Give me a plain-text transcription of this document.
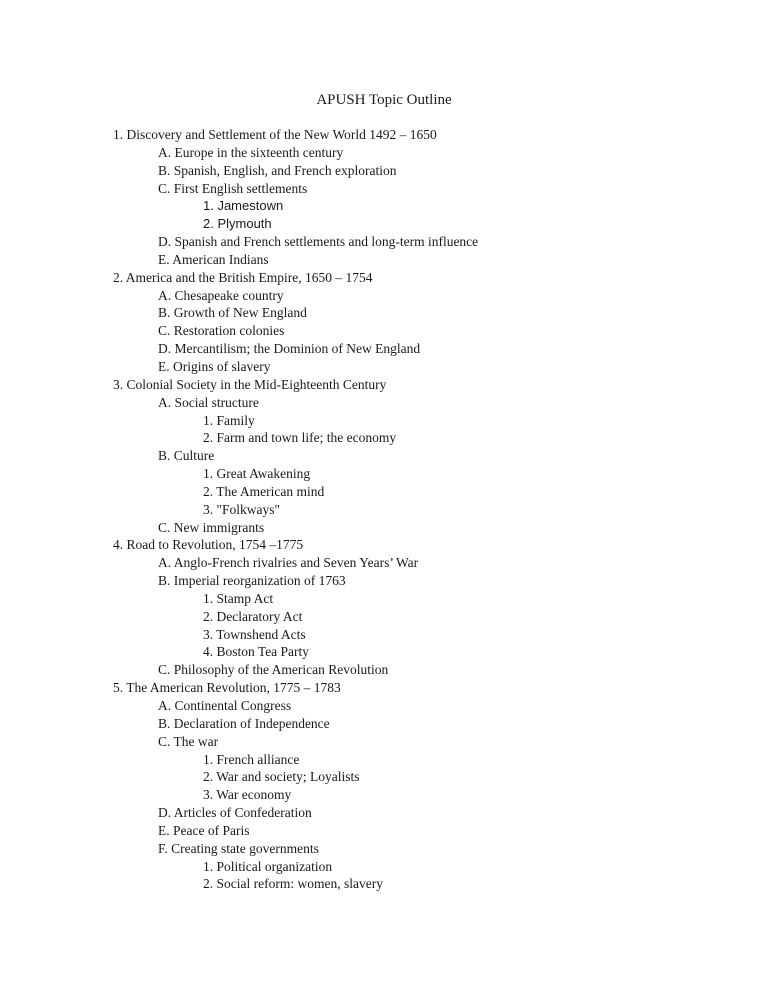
APUSH Topic Outline
1. Discovery and Settlement of the New World 1492 – 1650
A. Europe in the sixteenth century
B. Spanish, English, and French exploration
C. First English settlements
1. Jamestown
2. Plymouth
D. Spanish and French settlements and long-term influence
E. American Indians
2. America and the British Empire, 1650 – 1754
A. Chesapeake country
B. Growth of New England
C. Restoration colonies
D. Mercantilism; the Dominion of New England
E. Origins of slavery
3. Colonial Society in the Mid-Eighteenth Century
A. Social structure
1. Family
2. Farm and town life; the economy
B. Culture
1. Great Awakening
2. The American mind
3. "Folkways"
C. New immigrants
4. Road to Revolution, 1754 –1775
A. Anglo-French rivalries and Seven Years’ War
B. Imperial reorganization of 1763
1. Stamp Act
2. Declaratory Act
3. Townshend Acts
4. Boston Tea Party
C. Philosophy of the American Revolution
5. The American Revolution, 1775 – 1783
A. Continental Congress
B. Declaration of Independence
C. The war
1. French alliance
2. War and society; Loyalists
3. War economy
D. Articles of Confederation
E. Peace of Paris
F. Creating state governments
1. Political organization
2. Social reform: women, slavery
